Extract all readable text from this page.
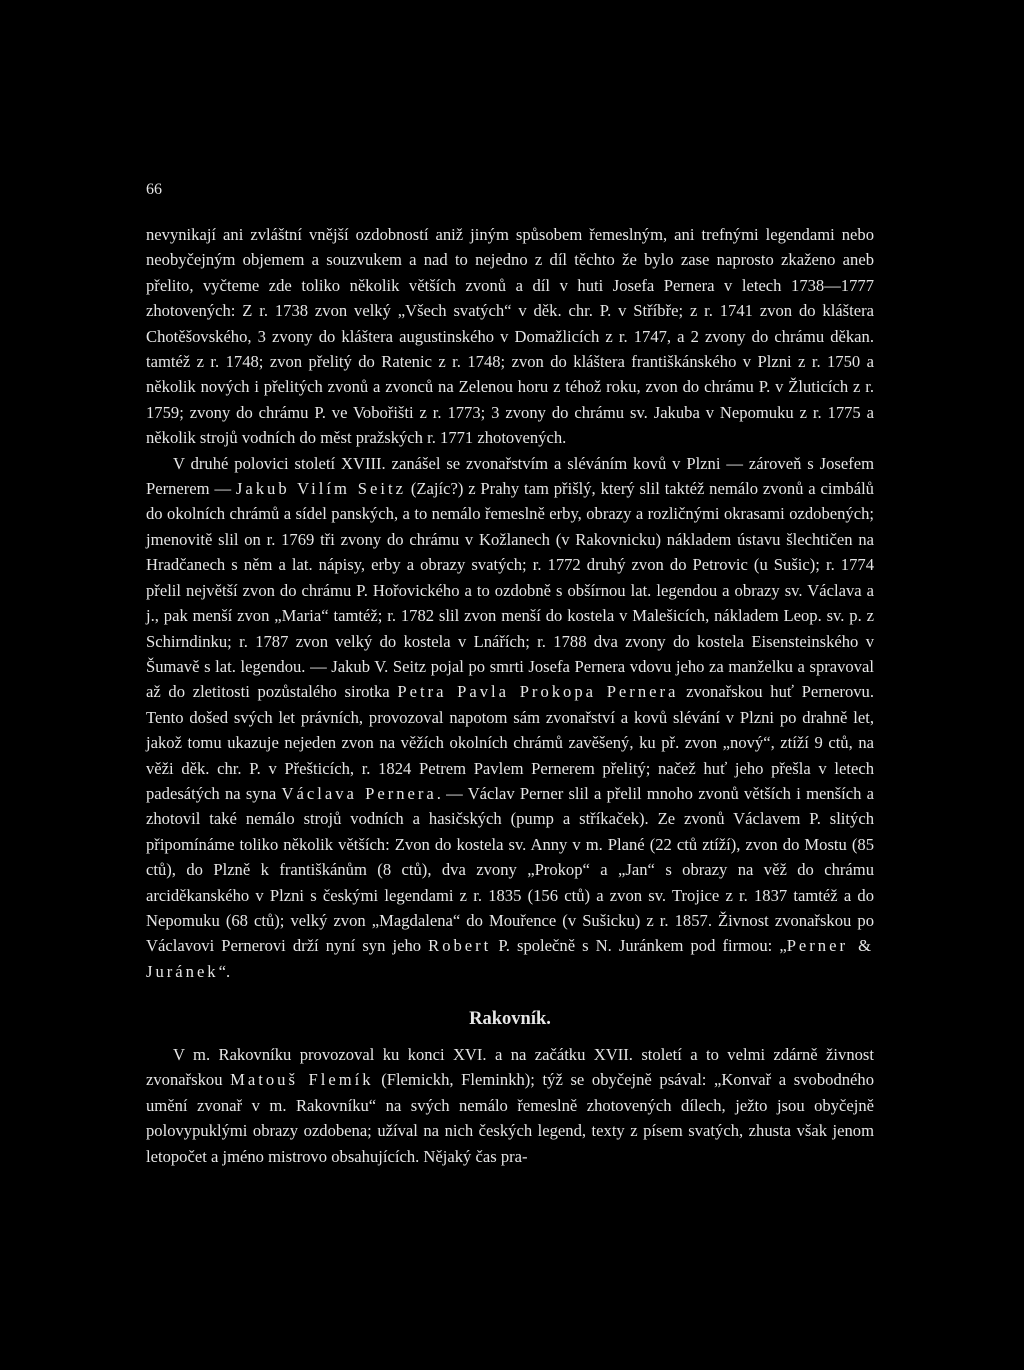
66

nevynikají ani zvláštní vnější ozdobností aniž jiným spůsobem řemeslným, ani trefnými legendami nebo neobyčejným objemem a souzvukem a nad to nejedno z díl těchto že bylo zase naprosto zkaženo aneb přelito, vyčteme zde toliko několik větších zvonů a díl v huti Josefa Pernera v letech 1738—1777 zhotovených: Z r. 1738 zvon velký „Všech svatých“ v děk. chr. P. v Stříbře; z r. 1741 zvon do kláštera Chotěšovského, 3 zvony do kláštera augustinského v Domažlicích z r. 1747, a 2 zvony do chrámu děkan. tamtéž z r. 1748; zvon přelitý do Ratenic z r. 1748; zvon do kláštera františkánského v Plzni z r. 1750 a několik nových i přelitých zvonů a zvonců na Zelenou horu z téhož roku, zvon do chrámu P. v Žluticích z r. 1759; zvony do chrámu P. ve Vobořišti z r. 1773; 3 zvony do chrámu sv. Jakuba v Nepomuku z r. 1775 a několik strojů vodních do měst pražských r. 1771 zhotovených.

V druhé polovici století XVIII. zanášel se zvonařstvím a sléváním kovů v Plzni — zároveň s Josefem Pernerem — Jakub Vilím Seitz (Zajíc?) z Prahy tam přišlý, který slil taktéž nemálo zvonů a cimbálů do okolních chrámů a sídel panských, a to nemálo řemeslně erby, obrazy a rozličnými okrasami ozdobených; jmenovitě slil on r. 1769 tři zvony do chrámu v Kožlanech (v Rakovnicku) nákladem ústavu šlechtičen na Hradčanech s něm a lat. nápisy, erby a obrazy svatých; r. 1772 druhý zvon do Petrovic (u Sušic); r. 1774 přelil největší zvon do chrámu P. Hořovického a to ozdobně s obšírnou lat. legendou a obrazy sv. Václava a j., pak menší zvon „Maria“ tamtéž; r. 1782 slil zvon menší do kostela v Malešicích, nákladem Leop. sv. p. z Schirndinku; r. 1787 zvon velký do kostela v Lnářích; r. 1788 dva zvony do kostela Eisensteinského v Šumavě s lat. legendou. — Jakub V. Seitz pojal po smrti Josefa Pernera vdovu jeho za manželku a spravoval až do zletitosti pozůstalého sirotka Petra Pavla Prokopa Pernera zvonařskou huť Pernerovu. Tento došed svých let právních, provozoval napotom sám zvonařství a kovů slévání v Plzni po drahně let, jakož tomu ukazuje nejeden zvon na věžích okolních chrámů zavěšený, ku př. zvon „nový“, ztíží 9 ctů, na věži děk. chr. P. v Přešticích, r. 1824 Petrem Pavlem Pernerem přelitý; načež huť jeho přešla v letech padesátých na syna Václava Pernera. — Václav Perner slil a přelil mnoho zvonů větších i menších a zhotovil také nemálo strojů vodních a hasičských (pump a stříkaček). Ze zvonů Václavem P. slitých připomínáme toliko několik větších: Zvon do kostela sv. Anny v m. Plané (22 ctů ztíží), zvon do Mostu (85 ctů), do Plzně k františkánům (8 ctů), dva zvony „Prokop“ a „Jan“ s obrazy na věž do chrámu arciděkanského v Plzni s českými legendami z r. 1835 (156 ctů) a zvon sv. Trojice z r. 1837 tamtéž a do Nepomuku (68 ctů); velký zvon „Magdalena“ do Mouřence (v Sušicku) z r. 1857. Živnost zvonařskou po Václavovi Pernerovi drží nyní syn jeho Robert P. společně s N. Juránkem pod firmou: „Perner & Juránek“.

Rakovník.

V m. Rakovníku provozoval ku konci XVI. a na začátku XVII. století a to velmi zdárně živnost zvonařskou Matouš Flemík (Flemickh, Fleminkh); týž se obyčejně psával: „Konvař a svobodného umění zvonař v m. Rakovníku“ na svých nemálo řemeslně zhotovených dílech, ježto jsou obyčejně polovypuklými obrazy ozdobena; užíval na nich českých legend, texty z písem svatých, zhusta však jenom letopočet a jméno mistrovo obsahujících. Nějaký čas pra-
